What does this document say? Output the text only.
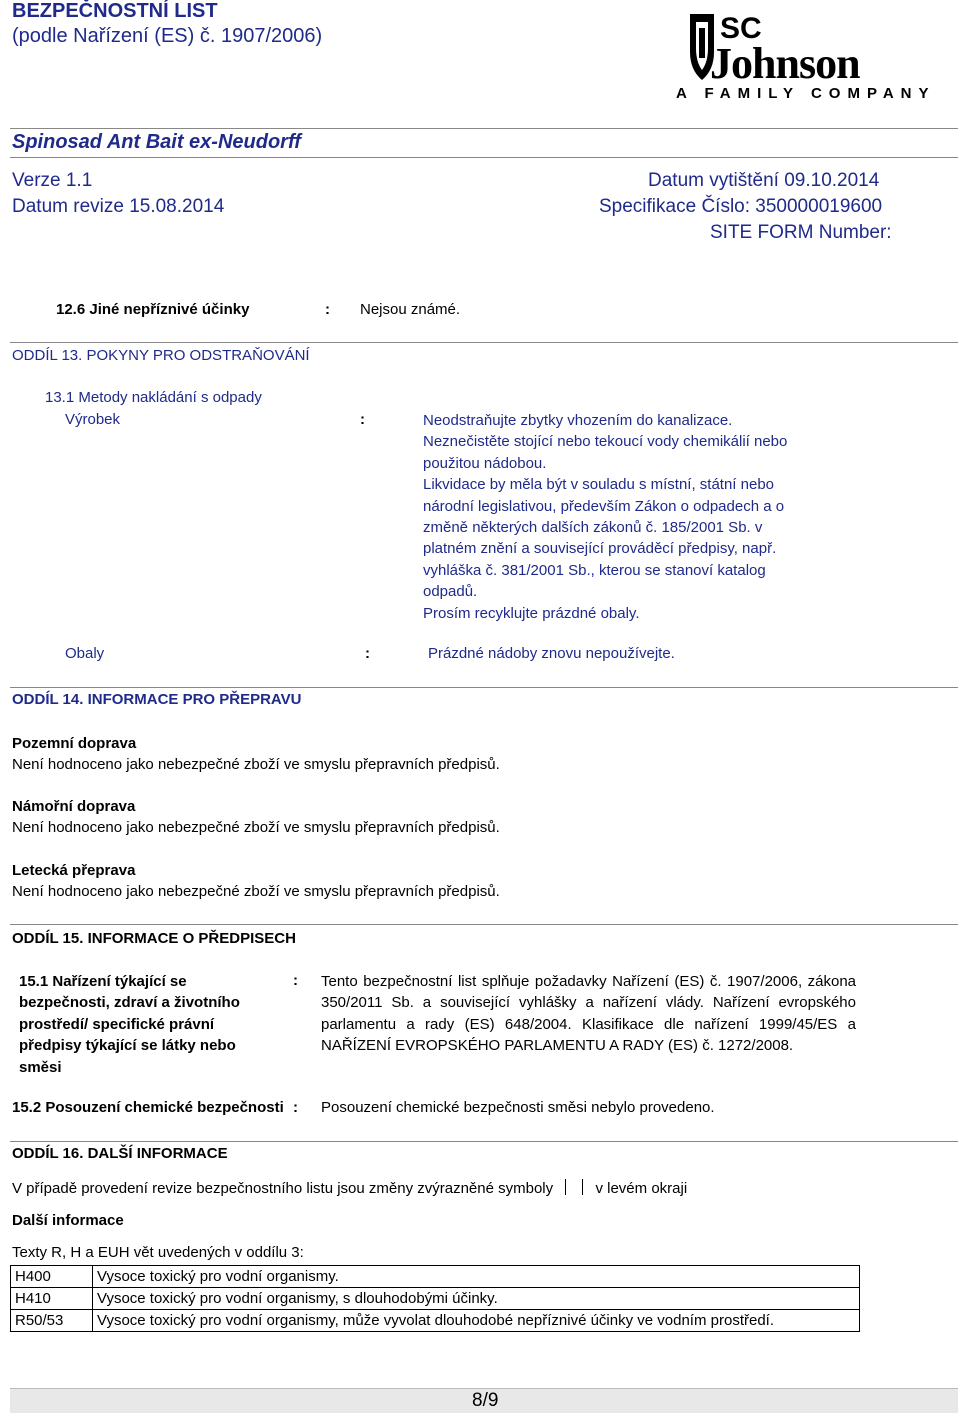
BEZPEČNOSTNÍ LIST
(podle Nařízení (ES) č. 1907/2006)	SC
Johnson
A FAMILY COMPANY
Spinosad Ant Bait ex-Neudorff
Verze 1.1	Datum vytištění 09.10.2014
Datum revize 15.08.2014	Specifikace Číslo: 350000019600
SITE FORM Number:
12.6 Jiné nepříznivé účinky	: Nejsou známé.
ODDÍL 13. POKYNY PRO ODSTRAŇOVÁNÍ
13.1 Metody nakládání s odpady
Výrobek	:	Neodstraňujte zbytky vhozením do kanalizace.
Neznečistěte stojící nebo tekoucí vody chemikálií nebo
použitou nádobou.
Likvidace by měla být v souladu s místní, státní nebo
národní legislativou, především Zákon o odpadech a o
změně některých dalších zákonů č. 185/2001 Sb. v
platném znění a související prováděcí předpisy, např.
vyhláška č. 381/2001 Sb., kterou se stanoví katalog
odpadů.
Prosím recyklujte prázdné obaly.
Obaly	:	Prázdné nádoby znovu nepoužívejte.
ODDÍL 14. INFORMACE PRO PŘEPRAVU
Pozemní doprava
Není hodnoceno jako nebezpečné zboží ve smyslu přepravních předpisů.
Námořní doprava
Není hodnoceno jako nebezpečné zboží ve smyslu přepravních předpisů.
Letecká přeprava
Není hodnoceno jako nebezpečné zboží ve smyslu přepravních předpisů.
ODDÍL 15. INFORMACE O PŘEDPISECH
15.1 Nařízení týkající se
bezpečnosti, zdraví a životního
prostředí/ specifické právní
předpisy týkající se látky nebo
směsi
: Tento bezpečnostní list splňuje požadavky Nařízení (ES) č. 1907/2006, zákona 350/2011 Sb. a související vyhlášky a nařízení vlády. Nařízení evropského parlamentu a rady (ES) 648/2004. Klasifikace dle nařízení 1999/45/ES a NAŘÍZENÍ EVROPSKÉHO PARLAMENTU A RADY (ES) č. 1272/2008.
15.2 Posouzení chemické bezpečnosti : Posouzení chemické bezpečnosti směsi nebylo provedeno.
ODDÍL 16. DALŠÍ INFORMACE
V případě provedení revize bezpečnostního listu jsou změny zvýrazněné symboly	v levém okraji
Další informace
Texty R, H a EUH vět uvedených v oddílu 3:
H400	Vysoce toxický pro vodní organismy.
H410	Vysoce toxický pro vodní organismy, s dlouhodobými účinky.
R50/53	Vysoce toxický pro vodní organismy, může vyvolat dlouhodobé nepříznivé účinky ve vodním prostředí.
8/9
